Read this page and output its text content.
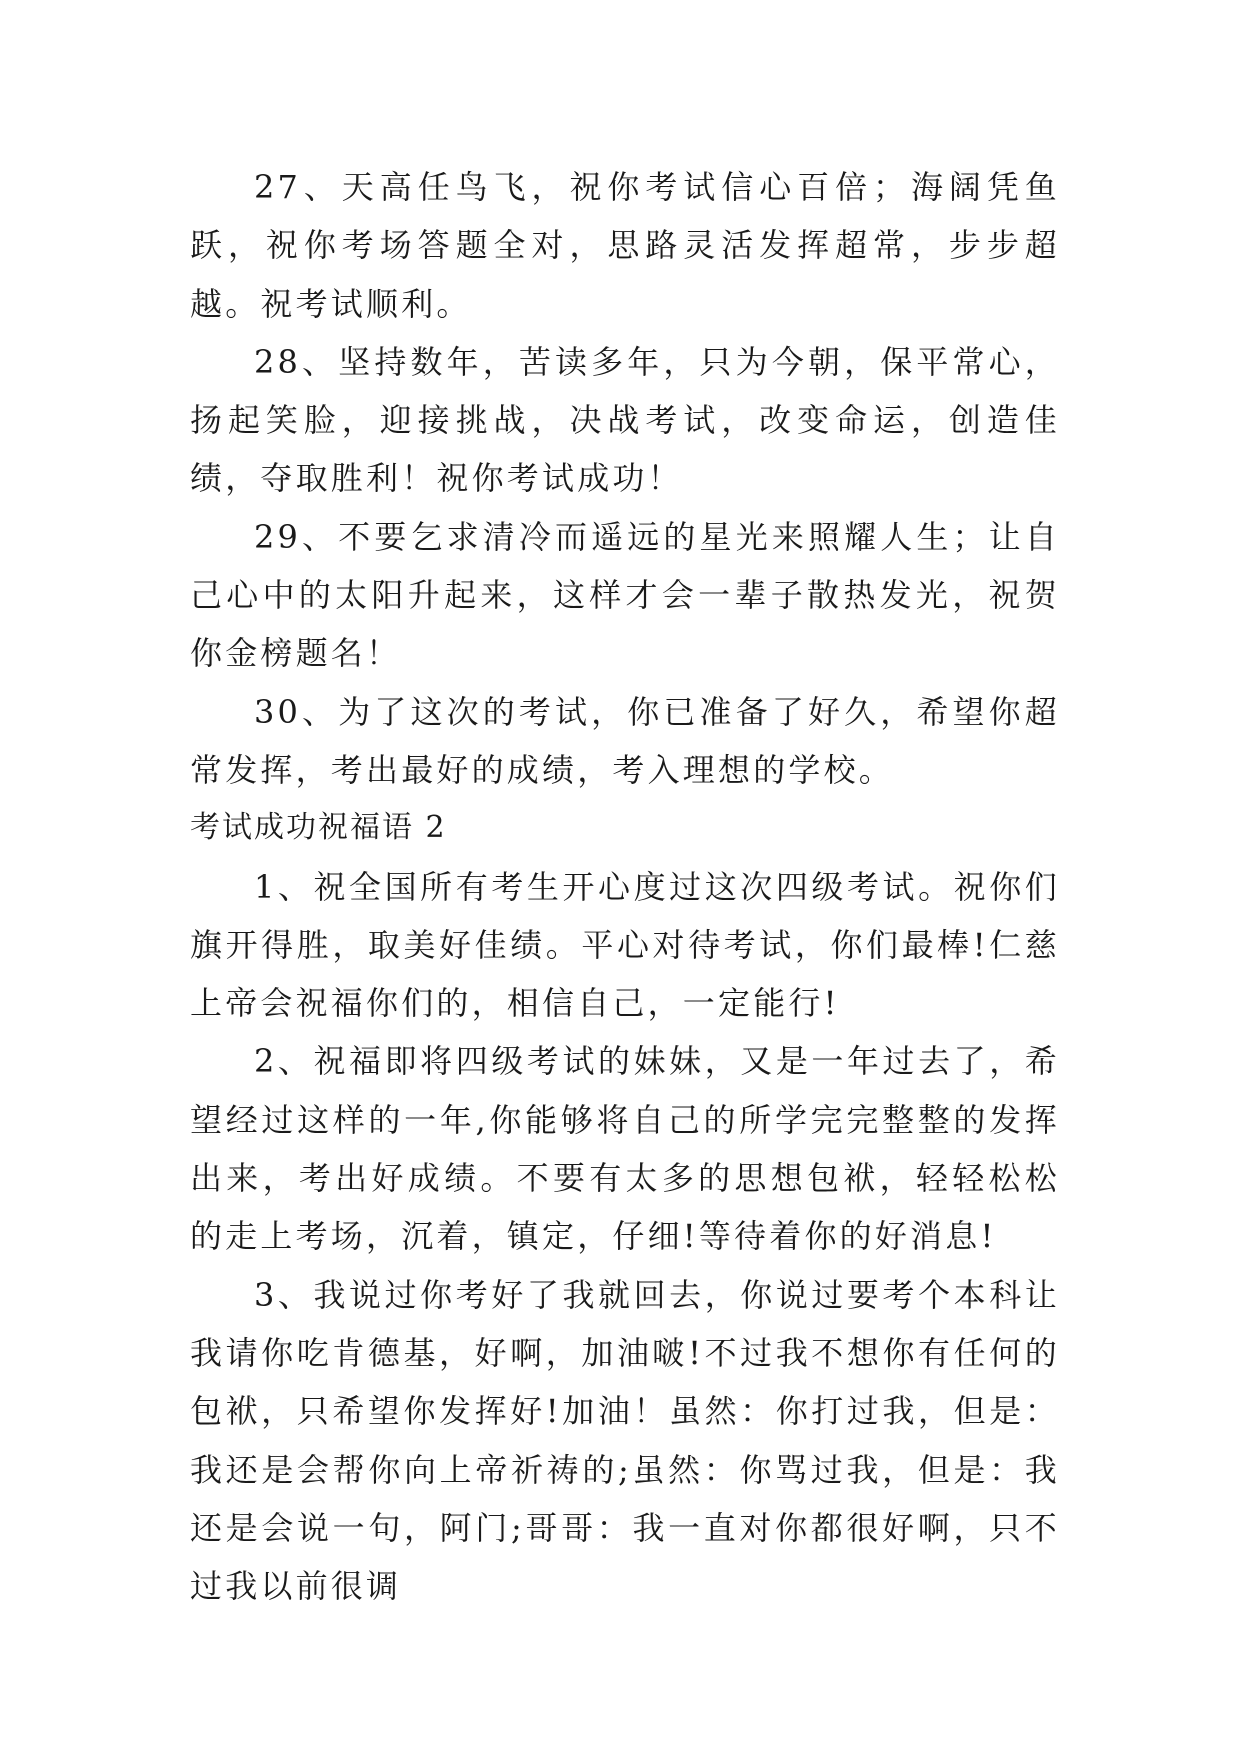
27、天高任鸟飞，祝你考试信心百倍；海阔凭鱼跃，祝你考场答题全对，思路灵活发挥超常，步步超越。祝考试顺利。

28、坚持数年，苦读多年，只为今朝，保平常心，扬起笑脸，迎接挑战，决战考试，改变命运，创造佳绩，夺取胜利！祝你考试成功！

29、不要乞求清冷而遥远的星光来照耀人生；让自己心中的太阳升起来，这样才会一辈子散热发光，祝贺你金榜题名！

30、为了这次的考试，你已准备了好久，希望你超常发挥，考出最好的成绩，考入理想的学校。

考试成功祝福语 2

1、祝全国所有考生开心度过这次四级考试。祝你们旗开得胜，取美好佳绩。平心对待考试，你们最棒!仁慈上帝会祝福你们的，相信自己，一定能行!

2、祝福即将四级考试的妹妹，又是一年过去了，希望经过这样的一年,你能够将自己的所学完完整整的发挥出来，考出好成绩。不要有太多的思想包袱，轻轻松松的走上考场，沉着，镇定，仔细!等待着你的好消息!

3、我说过你考好了我就回去，你说过要考个本科让我请你吃肯德基，好啊，加油啵!不过我不想你有任何的包袱，只希望你发挥好!加油！虽然：你打过我，但是：我还是会帮你向上帝祈祷的;虽然：你骂过我，但是：我还是会说一句，阿门;哥哥：我一直对你都很好啊，只不过我以前很调
